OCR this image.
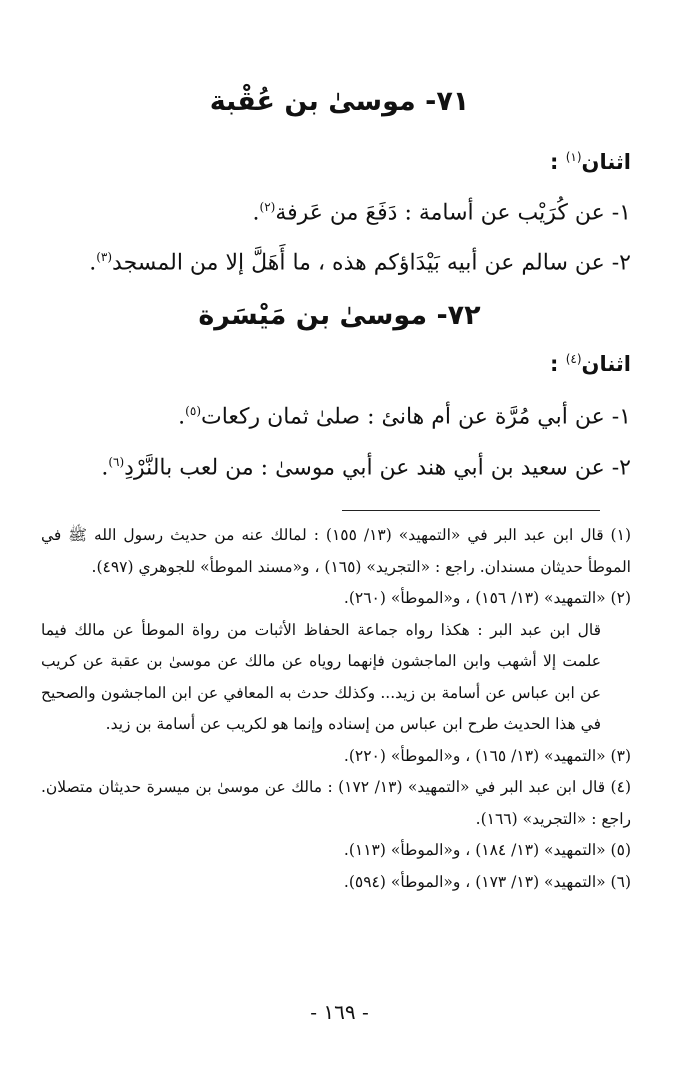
٧١- موسىٰ بن عُقْبة
اثنان$^{(١)}$ :
١- عن كُرَيْب عن أسامة : دَفَعَ من عَرفة$^{(٢)}$.
٢- عن سالم عن أبيه بَيْدَاؤكم هذه ، ما أَهَلَّ إلا من المسجد$^{(٣)}$.
٧٢- موسىٰ بن مَيْسَرة
اثنان$^{(٤)}$ :
١- عن أبي مُرَّة عن أم هانئ : صلىٰ ثمان ركعات$^{(٥)}$.
٢- عن سعيد بن أبي هند عن أبي موسىٰ : من لعب بالنَّرْدِ$^{(٦)}$.

(١) قال ابن عبد البر في «التمهيد» (١٣/ ١٥٥) : لمالك عنه من حديث رسول الله ﷺ في الموطأ حديثان مسندان. راجع : «التجريد» (١٦٥) ، و«مسند الموطأ» للجوهري (٤٩٧).

(٢) «التمهيد» (١٣/ ١٥٦) ، و«الموطأ» (٢٦٠).

قال ابن عبد البر : هكذا رواه جماعة الحفاظ الأثبات من رواة الموطأ عن مالك فيما علمت إلا أشهب وابن الماجشون فإنهما روياه عن مالك عن موسىٰ بن عقبة عن كريب عن ابن عباس عن أسامة بن زيد... وكذلك حدث به المعافي عن ابن الماجشون والصحيح في هذا الحديث طرح ابن عباس من إسناده وإنما هو لكريب عن أسامة بن زيد.

(٣) «التمهيد» (١٣/ ١٦٥) ، و«الموطأ» (٢٢٠).

(٤) قال ابن عبد البر في «التمهيد» (١٣/ ١٧٢) : مالك عن موسىٰ بن ميسرة حديثان متصلان. راجع : «التجريد» (١٦٦).

(٥) «التمهيد» (١٣/ ١٨٤) ، و«الموطأ» (١١٣).

(٦) «التمهيد» (١٣/ ١٧٣) ، و«الموطأ» (٥٩٤).

- ١٦٩ -
